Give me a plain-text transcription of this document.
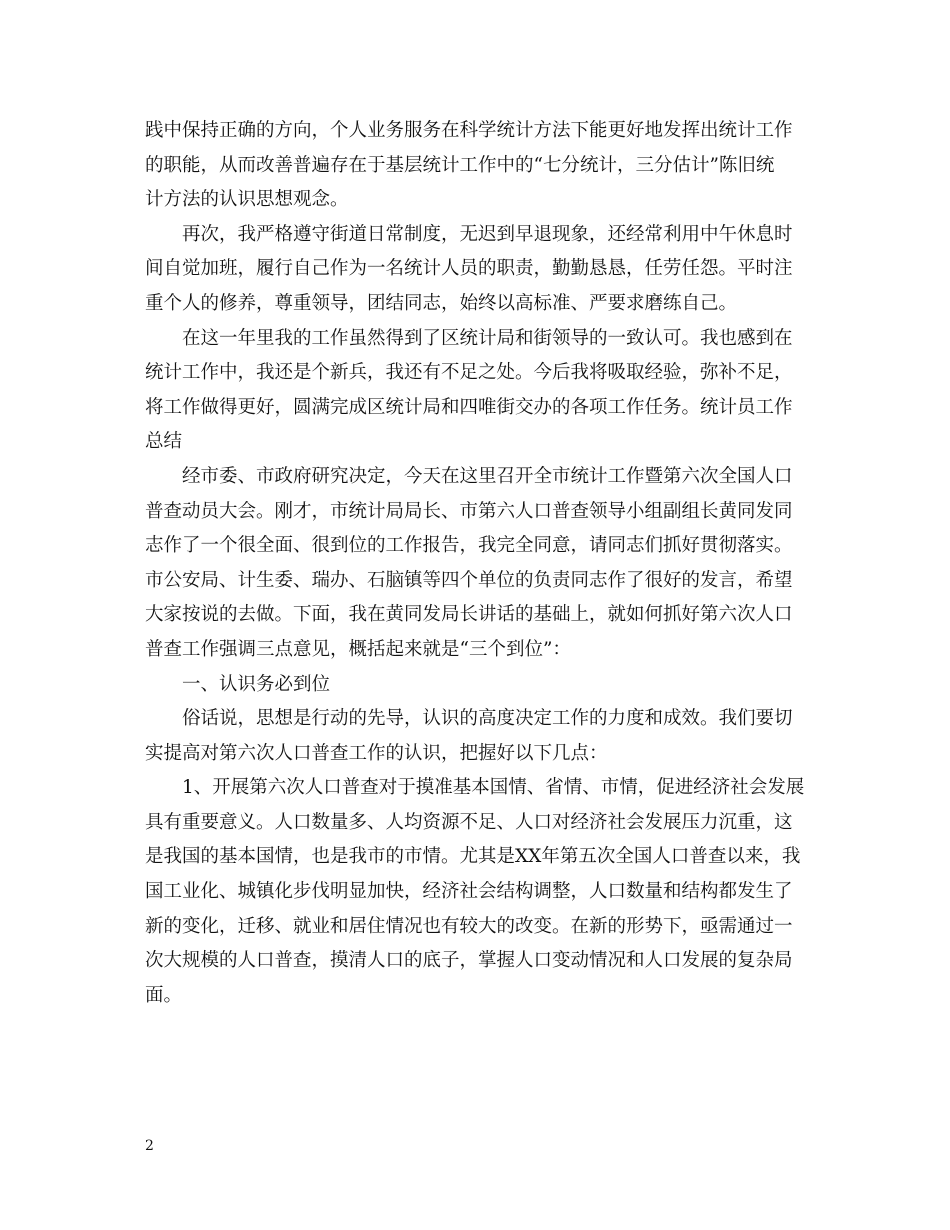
践中保持正确的方向，个人业务服务在科学统计方法下能更好地发挥出统计工作
的职能，从而改善普遍存在于基层统计工作中的“七分统计，三分估计”陈旧统
计方法的认识思想观念。
再次，我严格遵守街道日常制度，无迟到早退现象，还经常利用中午休息时
间自觉加班，履行自己作为一名统计人员的职责，勤勤恳恳，任劳任怨。平时注
重个人的修养，尊重领导，团结同志，始终以高标准、严要求磨练自己。
在这一年里我的工作虽然得到了区统计局和街领导的一致认可。我也感到在
统计工作中，我还是个新兵，我还有不足之处。今后我将吸取经验，弥补不足，
将工作做得更好，圆满完成区统计局和四唯街交办的各项工作任务。统计员工作
总结
经市委、市政府研究决定，今天在这里召开全市统计工作暨第六次全国人口
普查动员大会。刚才，市统计局局长、市第六人口普查领导小组副组长黄同发同
志作了一个很全面、很到位的工作报告，我完全同意，请同志们抓好贯彻落实。
市公安局、计生委、瑞办、石脑镇等四个单位的负责同志作了很好的发言，希望
大家按说的去做。下面，我在黄同发局长讲话的基础上，就如何抓好第六次人口
普查工作强调三点意见，概括起来就是“三个到位”：
一、认识务必到位
俗话说，思想是行动的先导，认识的高度决定工作的力度和成效。我们要切
实提高对第六次人口普查工作的认识，把握好以下几点：
1、开展第六次人口普查对于摸准基本国情、省情、市情，促进经济社会发展
具有重要意义。人口数量多、人均资源不足、人口对经济社会发展压力沉重，这
是我国的基本国情，也是我市的市情。尤其是XX年第五次全国人口普查以来，我
国工业化、城镇化步伐明显加快，经济社会结构调整，人口数量和结构都发生了
新的变化，迁移、就业和居住情况也有较大的改变。在新的形势下，亟需通过一
次大规模的人口普查，摸清人口的底子，掌握人口变动情况和人口发展的复杂局
面。
2
